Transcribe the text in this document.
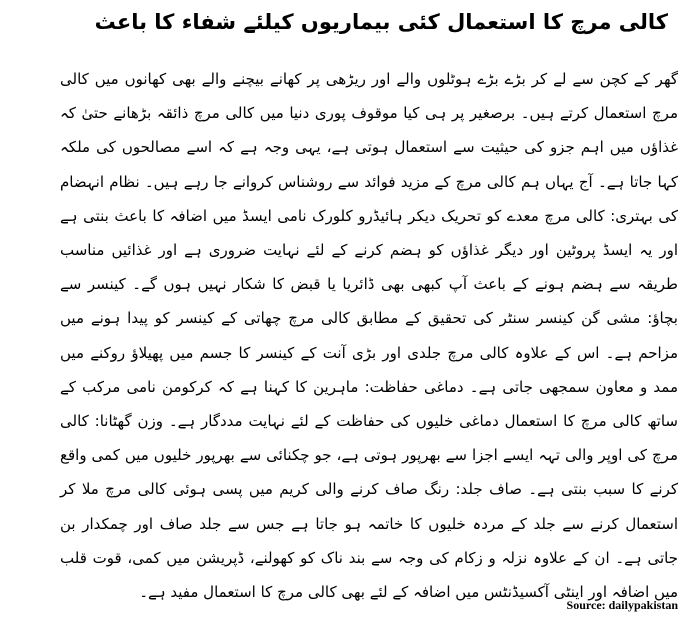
کالی مرچ کا استعمال کئی بیماریوں کیلئے شفاء کا باعث

گھر کے کچن سے لے کر بڑے بڑے ہوٹلوں والے اور ریڑھی پر کھانے بیچنے والے بھی کھانوں میں کالی مرچ استعمال کرتے ہیں۔ برصغیر پر ہی کیا موقوف پوری دنیا میں کالی مرچ ذائقہ بڑھانے حتیٰ کہ غذاؤں میں اہم جزو کی حیثیت سے استعمال ہوتی ہے، یہی وجہ ہے کہ اسے مصالحوں کی ملکہ کہا جاتا ہے۔ آج یہاں ہم کالی مرچ کے مزید فوائد سے روشناس کروانے جا رہے ہیں۔ نظام انہضام کی بہتری: کالی مرچ معدے کو تحریک دیکر ہائیڈرو کلورک نامی ایسڈ میں اضافہ کا باعث بنتی ہے اور یہ ایسڈ پروٹین اور دیگر غذاؤں کو ہضم کرنے کے لئے نہایت ضروری ہے اور غذائیں مناسب طریقہ سے ہضم ہونے کے باعث آپ کبھی بھی ڈائریا یا قبض کا شکار نہیں ہوں گے۔ کینسر سے بچاؤ: مشی گن کینسر سنٹر کی تحقیق کے مطابق کالی مرچ چھاتی کے کینسر کو پیدا ہونے میں مزاحم ہے۔ اس کے علاوہ کالی مرچ جلدی اور بڑی آنت کے کینسر کا جسم میں پھیلاؤ روکنے میں ممد و معاون سمجھی جاتی ہے۔ دماغی حفاظت: ماہرین کا کہنا ہے کہ کرکومن نامی مرکب کے ساتھ کالی مرچ کا استعمال دماغی خلیوں کی حفاظت کے لئے نہایت مددگار ہے۔ وزن گھٹانا: کالی مرچ کی اوپر والی تہہ ایسے اجزا سے بھرپور ہوتی ہے، جو چکنائی سے بھرپور خلیوں میں کمی واقع کرنے کا سبب بنتی ہے۔ صاف جلد: رنگ صاف کرنے والی کریم میں پسی ہوئی کالی مرچ ملا کر استعمال کرنے سے جلد کے مردہ خلیوں کا خاتمہ ہو جاتا ہے جس سے جلد صاف اور چمکدار بن جاتی ہے۔ ان کے علاوہ نزلہ و زکام کی وجہ سے بند ناک کو کھولنے، ڈپریشن میں کمی، قوت قلب میں اضافہ اور اینٹی آکسیڈنٹس میں اضافہ کے لئے بھی کالی مرچ کا استعمال مفید ہے۔

Source: dailypakistan
